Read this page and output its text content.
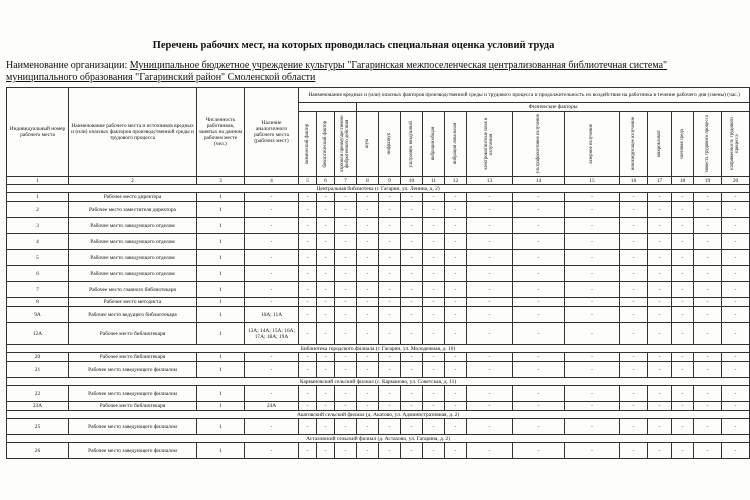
Перечень рабочих мест, на которых проводилась специальная оценка условий труда
Наименование организации: Муниципальное бюджетное учреждение культуры "Гагаринская межпоселенческая централизованная библиотечная система" муниципального образования "Гагаринский район" Смоленской области
Индивидуальный номер рабочего места	Наименование рабочего места и источников вредных и (или) опасных факторов производственной среды и трудового процесса	Численность работников, занятых на данном рабочем месте (чел.)	Наличие аналогичного рабочего места (рабочих мест)	Наименование вредных и (или) опасных факторов производственной среды и трудового процесса и продолжительность их воздействия на работника в течение рабочего дня (смены) (час.)															
							Физические факторы												

				химический фактор	биологический фактор	аэрозоли преимущественно фиброгенного действия	шум	инфразвук	ультразвук воздушный	вибрация общая	вибрация локальная	электромагнитные поля и излучения	ультрафиолетовое излучение	лазерное излучение	ионизирующее излучение	микроклимат	световая среда	тяжесть трудового процесса	напряженность трудового процесса

1	2	3	4	5	6	7	8	9	10	11	12	13	14	15	16	17	18	19	20
Центральная библиотека (г. Гагарин, ул. Ленина, д. 2)																			
1	Рабочее место директора	1	-	-	-	-	-	-	-	-	-	-	-	-	-	-	-	-	-
2	Рабочее место заместителя директора	1	-	-	-	-	-	-	-	-	-	-	-	-	-	-	-	-	-
3	Рабочее место заведующего отделом	1	-	-	-	-	-	-	-	-	-	-	-	-	-	-	-	-	-
4	Рабочее место заведующего отделом	1	-	-	-	-	-	-	-	-	-	-	-	-	-	-	-	-	-
5	Рабочее место заведующего отделом	1	-	-	-	-	-	-	-	-	-	-	-	-	-	-	-	-	-
6	Рабочее место заведующего отделом	1	-	-	-	-	-	-	-	-	-	-	-	-	-	-	-	-	-
7	Рабочее место главного библиотекаря	1	-	-	-	-	-	-	-	-	-	-	-	-	-	-	-	-	-
8	Рабочее место методиста	1	-	-	-	-	-	-	-	-	-	-	-	-	-	-	-	-	-
9А	Рабочее место ведущего библиотекаря	1	10А; 11А	-	-	-	-	-	-	-	-	-	-	-	-	-	-	-	-
12А	Рабочее место библиотекаря	1	13А; 14А; 15А; 16А; 17А; 18А; 19А	-	-	-	-	-	-	-	-	-	-	-	-	-	-	-	-
Библиотека городского филиала (г. Гагарин, ул. Молодежная, д. 10)																			
20	Рабочее место библиотекаря	1	-	-	-	-	-	-	-	-	-	-	-	-	-	-	-	-	-
21	Рабочее место заведующего филиалом	1	-	-	-	-	-	-	-	-	-	-	-	-	-	-	-	-	-
Кармановский сельский филиал (с. Карманово, ул. Советская, д. 11)																			
22	Рабочее место заведующего филиалом	1	-	-	-	-	-	-	-	-	-	-	-	-	-	-	-	-	-
23А	Рабочее место библиотекаря	1	24А	-	-	-	-	-	-	-	-	-	-	-	-	-	-	-	-
Акатовский сельский филиал (д. Акатово, ул. Административная, д. 2)																			
25	Рабочее место заведующего филиалом	1	-	-	-	-	-	-	-	-	-	-	-	-	-	-	-	-	-
Астаховский сельский филиал (д. Астахово, ул. Гагарина, д. 2)																			
26	Рабочее место заведующего филиалом	1	-	-	-	-	-	-	-	-	-	-	-	-	-	-	-	-	-
